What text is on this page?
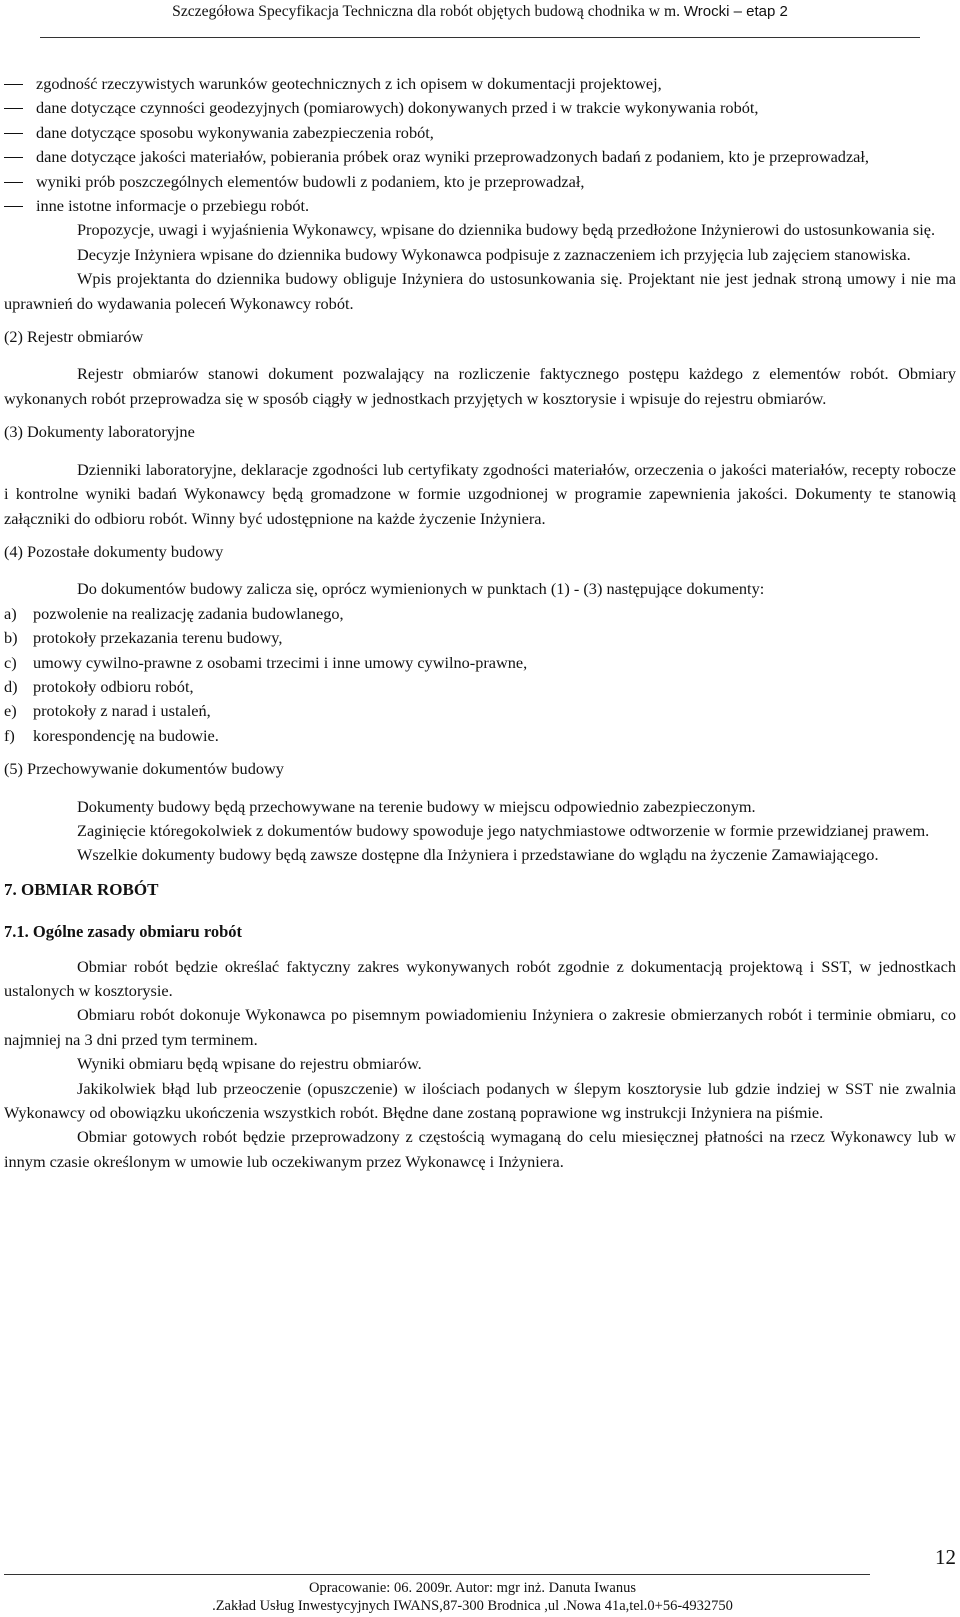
Szczegółowa Specyfikacja Techniczna dla robót objętych budową chodnika w m. Wrocki – etap 2

zgodność rzeczywistych warunków geotechnicznych z ich opisem w dokumentacji projektowej,

dane dotyczące czynności geodezyjnych (pomiarowych) dokonywanych przed i w trakcie wykonywania robót,

dane dotyczące sposobu wykonywania zabezpieczenia robót,

dane dotyczące jakości materiałów, pobierania próbek oraz wyniki przeprowadzonych badań z podaniem, kto je przeprowadzał,

wyniki prób poszczególnych elementów budowli z podaniem, kto je przeprowadzał,

inne istotne informacje o przebiegu robót.

Propozycje, uwagi i wyjaśnienia Wykonawcy, wpisane do dziennika budowy będą przedłożone Inżynierowi do ustosunkowania się.

Decyzje Inżyniera wpisane do dziennika budowy Wykonawca podpisuje z zaznaczeniem ich przyjęcia lub zajęciem stanowiska.

Wpis projektanta do dziennika budowy obliguje Inżyniera do ustosunkowania się. Projektant nie jest jednak stroną umowy i nie ma uprawnień do wydawania poleceń Wykonawcy robót.

(2) Rejestr obmiarów

Rejestr obmiarów stanowi dokument pozwalający na rozliczenie faktycznego postępu każdego z elementów robót. Obmiary wykonanych robót przeprowadza się w sposób ciągły w jednostkach przyjętych w kosztorysie i wpisuje do rejestru obmiarów.

(3) Dokumenty laboratoryjne

Dzienniki laboratoryjne, deklaracje zgodności lub certyfikaty zgodności materiałów, orzeczenia o jakości materiałów, recepty robocze i kontrolne wyniki badań Wykonawcy będą gromadzone w formie uzgodnionej w programie zapewnienia jakości. Dokumenty te stanowią załączniki do odbioru robót. Winny być udostępnione na każde życzenie Inżyniera.

(4) Pozostałe dokumenty budowy

Do dokumentów budowy zalicza się, oprócz wymienionych w punktach (1) - (3) następujące dokumenty:

a) pozwolenie na realizację zadania budowlanego,

b) protokoły przekazania terenu budowy,

c) umowy cywilno-prawne z osobami trzecimi i inne umowy cywilno-prawne,

d) protokoły odbioru robót,

e) protokoły z narad i ustaleń,

f) korespondencję na budowie.

(5) Przechowywanie dokumentów budowy

Dokumenty budowy będą przechowywane na terenie budowy w miejscu odpowiednio zabezpieczonym.

Zaginięcie któregokolwiek z dokumentów budowy spowoduje jego natychmiastowe odtworzenie w formie przewidzianej prawem.

Wszelkie dokumenty budowy będą zawsze dostępne dla Inżyniera i przedstawiane do wglądu na życzenie Zamawiającego.

7. OBMIAR ROBÓT

7.1. Ogólne zasady obmiaru robót

Obmiar robót będzie określać faktyczny zakres wykonywanych robót zgodnie z dokumentacją projektową i SST, w jednostkach ustalonych w kosztorysie.

Obmiaru robót dokonuje Wykonawca po pisemnym powiadomieniu Inżyniera o zakresie obmierzanych robót i terminie obmiaru, co najmniej na 3 dni przed tym terminem.

Wyniki obmiaru będą wpisane do rejestru obmiarów.

Jakikolwiek błąd lub przeoczenie (opuszczenie) w ilościach podanych w ślepym kosztorysie lub gdzie indziej w SST nie zwalnia Wykonawcy od obowiązku ukończenia wszystkich robót. Błędne dane zostaną poprawione wg instrukcji Inżyniera na piśmie.

Obmiar gotowych robót będzie przeprowadzony z częstością wymaganą do celu miesięcznej płatności na rzecz Wykonawcy lub w innym czasie określonym w umowie lub oczekiwanym przez Wykonawcę i Inżyniera.

12
Opracowanie: 06. 2009r. Autor: mgr inż. Danuta Iwanus
.Zakład Usług Inwestycyjnych IWANS,87-300 Brodnica ,ul .Nowa 41a,tel.0+56-4932750
